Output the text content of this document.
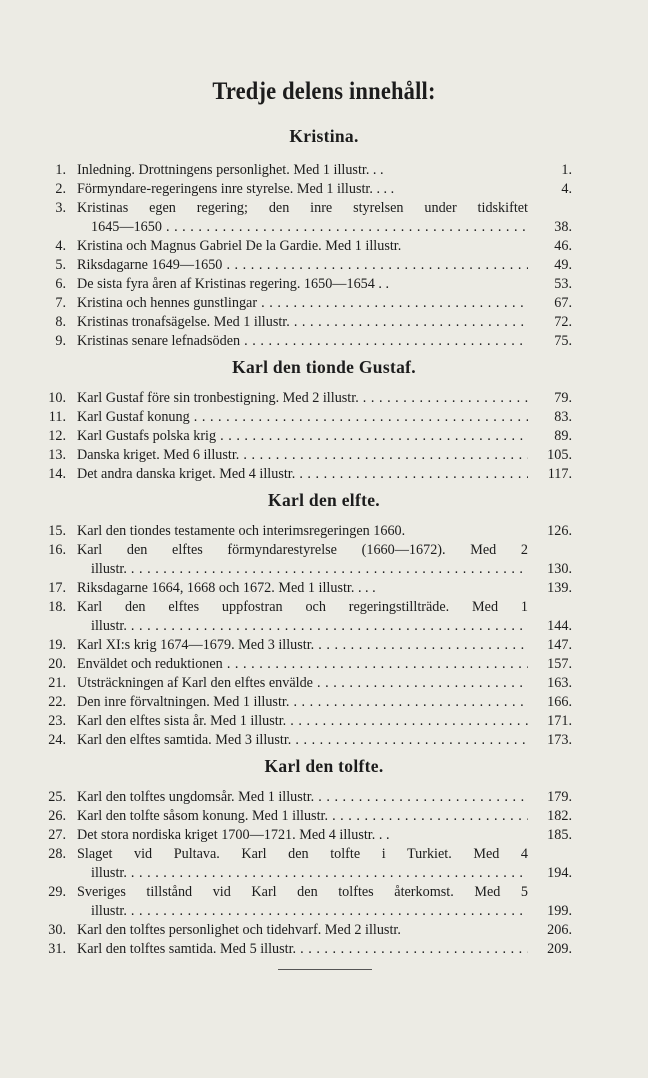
Tredje delens innehåll:
Kristina.
1. Inledning. Drottningens personlighet. Med 1 illustr. . .	1.
2. Förmyndare-regeringens inre styrelse. Med 1 illustr. . . .	4.
3. Kristinas egen regering; den inre styrelsen under tidskiftet
1645—1650 . . .	38.
4. Kristina och Magnus Gabriel De la Gardie. Med 1 illustr.	46.
5. Riksdagarne 1649—1650 . . .	49.
6. De sista fyra åren af Kristinas regering. 1650—1654 . .	53.
7. Kristina och hennes gunstlingar . . .	67.
8. Kristinas tronafsägelse. Med 1 illustr. . . .	72.
9. Kristinas senare lefnadsöden . . .	75.
Karl den tionde Gustaf.
10. Karl Gustaf före sin tronbestigning. Med 2 illustr. . . .	79.
11. Karl Gustaf konung . . .	83.
12. Karl Gustafs polska krig . . .	89.
13. Danska kriget. Med 6 illustr. . . .	105.
14. Det andra danska kriget. Med 4 illustr. . . .	117.
Karl den elfte.
15. Karl den tiondes testamente och interimsregeringen 1660.	126.
16. Karl den elftes förmyndarestyrelse (1660—1672). Med 2
illustr. . . .	130.
17. Riksdagarne 1664, 1668 och 1672. Med 1 illustr. . . .	139.
18. Karl den elftes uppfostran och regeringstillträde. Med 1
illustr. . . .	144.
19. Karl XI:s krig 1674—1679. Med 3 illustr. . . .	147.
20. Enväldet och reduktionen . . .	157.
21. Utsträckningen af Karl den elftes envälde . . .	163.
22. Den inre förvaltningen. Med 1 illustr. . . .	166.
23. Karl den elftes sista år. Med 1 illustr. . . .	171.
24. Karl den elftes samtida. Med 3 illustr. . . .	173.
Karl den tolfte.
25. Karl den tolftes ungdomsår. Med 1 illustr. . . .	179.
26. Karl den tolfte såsom konung. Med 1 illustr. . . .	182.
27. Det stora nordiska kriget 1700—1721. Med 4 illustr. . .	185.
28. Slaget vid Pultava. Karl den tolfte i Turkiet. Med 4
illustr. . . .	194.
29. Sveriges tillstånd vid Karl den tolftes återkomst. Med 5
illustr. . . .	199.
30. Karl den tolftes personlighet och tidehvarf. Med 2 illustr.	206.
31. Karl den tolftes samtida. Med 5 illustr. . . .	209.
